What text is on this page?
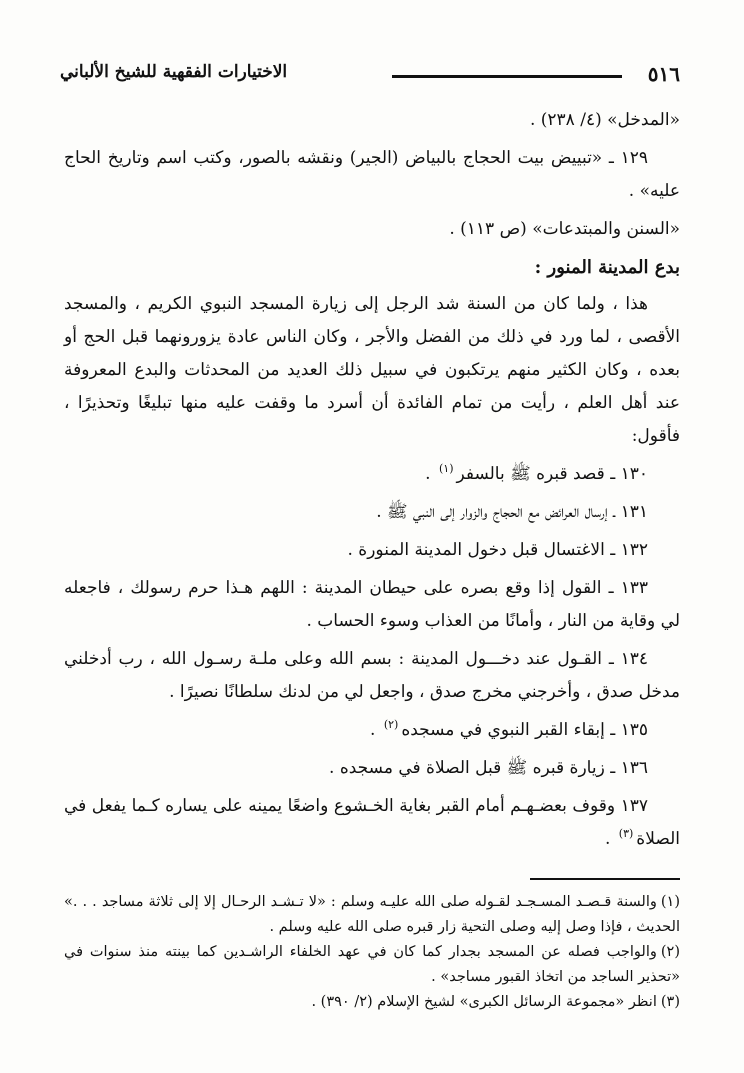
٥١٦
الاختيارات الفقهية للشيخ الألباني

«المدخل» (٤/ ٢٣٨) .

١٢٩ ـ «تبييض بيت الحجاج بالبياض (الجير) ونقشه بالصور، وكتب اسم وتاريخ الحاج عليه» .

«السنن والمبتدعات» (ص ١١٣) .

بدع المدينة المنور :

هذا ، ولما كان من السنة شد الرجل إلى زيارة المسجد النبوي الكريم ، والمسجد الأقصى ، لما ورد في ذلك من الفضل والأجر ، وكان الناس عادة يزورونهما قبل الحج أو بعده ، وكان الكثير منهم يرتكبون في سبيل ذلك العديد من المحدثات والبدع المعروفة عند أهل العلم ، رأيت من تمام الفائدة أن أسرد ما وقفت عليه منها تبليغًا وتحذيرًا ، فأقول:

١٣٠ ـ قصد قبره ﷺ بالسفر$^{(١)}$ .

١٣١ ـ إرسال العرائض مع الحجاج والزوار إلى النبي ﷺ .

١٣٢ ـ الاغتسال قبل دخول المدينة المنورة .

١٣٣ ـ القول إذا وقع بصره على حيطان المدينة : اللهم هـذا حرم رسولك ، فاجعله لي وقاية من النار ، وأمانًا من العذاب وسوء الحساب .

١٣٤ ـ القـول عند دخـــول المدينة : بسم الله وعلى ملـة رسـول الله ، رب أدخلني مدخل صدق ، وأخرجني مخرج صدق ، واجعل لي من لدنك سلطانًا نصيرًا .

١٣٥ ـ إبقاء القبر النبوي في مسجده$^{(٢)}$ .

١٣٦ ـ زيارة قبره ﷺ قبل الصلاة في مسجده .

١٣٧ وقوف بعضـهـم أمام القبر بغاية الخـشوع واضعًا يمينه على يساره كـما يفعل في الصلاة$^{(٣)}$ .

(١)والسنة قـصـد المسـجـد لقـوله صلى الله عليـه وسلم : «لا تـشـد الرحـال إلا إلى ثلاثة مساجد . . .» الحديث ، فإذا وصل إليه وصلى التحية زار قبره صلى الله عليه وسلم .

(٢)والواجب فصله عن المسجد بجدار كما كان في عهد الخلفاء الراشـدين كما بينته منذ سنوات في «تحذير الساجد من اتخاذ القبور مساجد» .

(٣)انظر «مجموعة الرسائل الكبرى» لشيخ الإسلام (٢/ ٣٩٠) .
